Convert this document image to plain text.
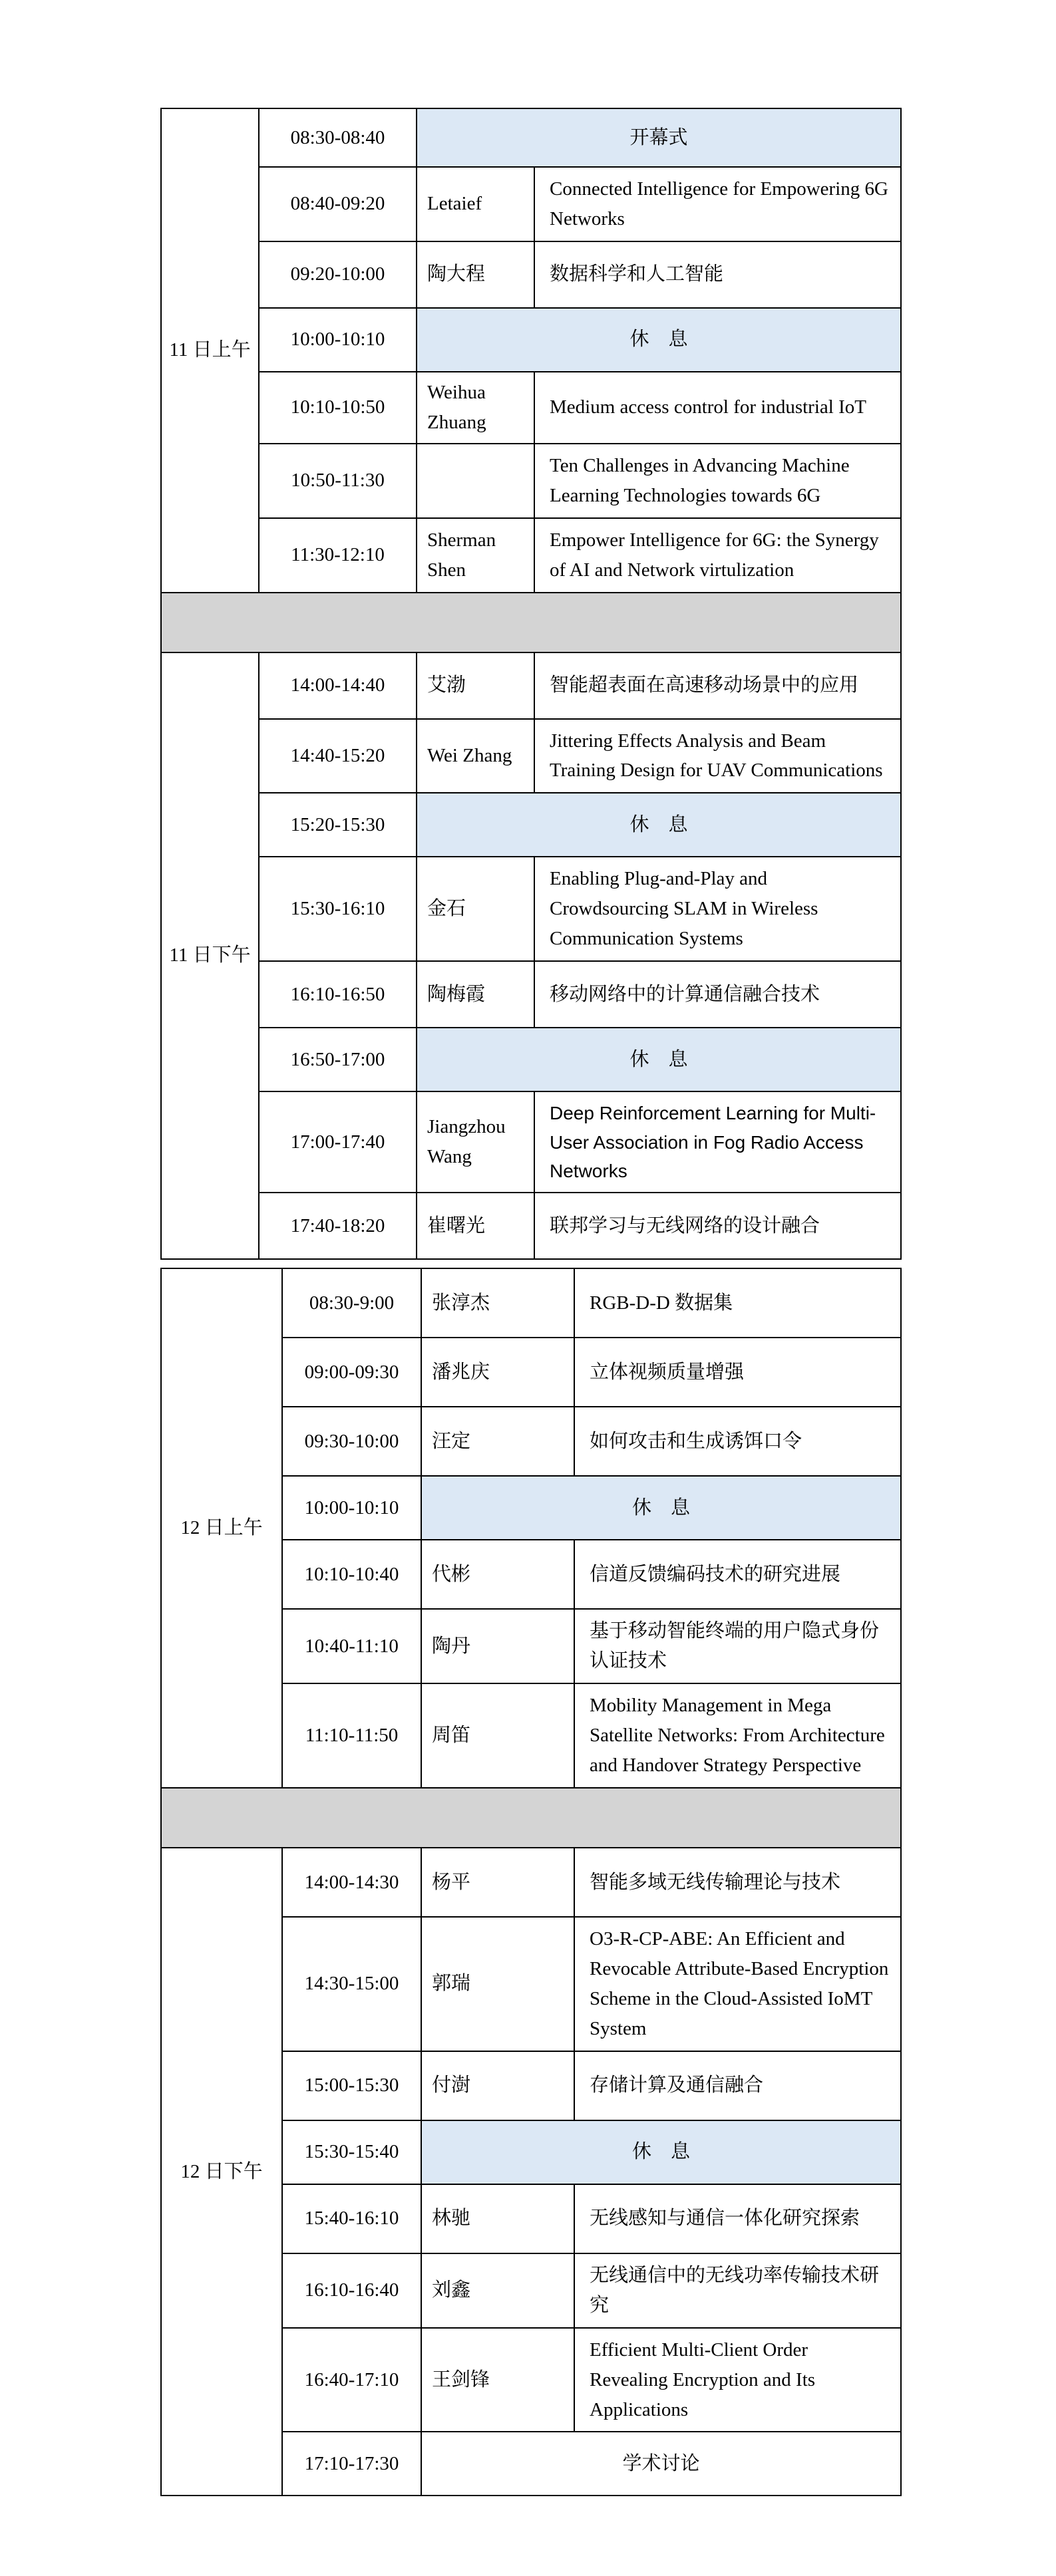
11 日上午	08:30-08:40	开幕式	
	08:40-09:20	Letaief	Connected Intelligence for Empowering 6G Networks
	09:20-10:00	陶大程	数据科学和人工智能
	10:00-10:10	休　息	
	10:10-10:50	Weihua Zhuang	Medium access control for industrial IoT
	10:50-11:30		Ten Challenges in Advancing Machine Learning Technologies towards 6G
	11:30-12:10	Sherman Shen	Empower Intelligence for 6G: the Synergy of AI and Network virtulization

11 日下午	14:00-14:40	艾渤	智能超表面在高速移动场景中的应用
	14:40-15:20	Wei Zhang	Jittering Effects Analysis and Beam Training Design for UAV Communications
	15:20-15:30	休　息	
	15:30-16:10	金石	Enabling Plug-and-Play and Crowdsourcing SLAM in Wireless Communication Systems
	16:10-16:50	陶梅霞	移动网络中的计算通信融合技术
	16:50-17:00	休　息	
	17:00-17:40	Jiangzhou Wang	Deep Reinforcement Learning for Multi-User Association in Fog Radio Access Networks
	17:40-18:20	崔曙光	联邦学习与无线网络的设计融合
12 日上午	08:30-9:00	张淳杰	RGB-D-D 数据集
	09:00-09:30	潘兆庆	立体视频质量增强
	09:30-10:00	汪定	如何攻击和生成诱饵口令
	10:00-10:10	休　息	
	10:10-10:40	代彬	信道反馈编码技术的研究进展
	10:40-11:10	陶丹	基于移动智能终端的用户隐式身份认证技术
	11:10-11:50	周笛	Mobility Management in Mega Satellite Networks: From Architecture and Handover Strategy Perspective

12 日下午	14:00-14:30	杨平	智能多域无线传输理论与技术
	14:30-15:00	郭瑞	O3-R-CP-ABE: An Efficient and Revocable Attribute-Based Encryption Scheme in the Cloud-Assisted IoMT System
	15:00-15:30	付澍	存储计算及通信融合
	15:30-15:40	休　息	
	15:40-16:10	林驰	无线感知与通信一体化研究探索
	16:10-16:40	刘鑫	无线通信中的无线功率传输技术研究
	16:40-17:10	王剑锋	Efficient Multi-Client Order Revealing Encryption and Its Applications
	17:10-17:30	学术讨论	
